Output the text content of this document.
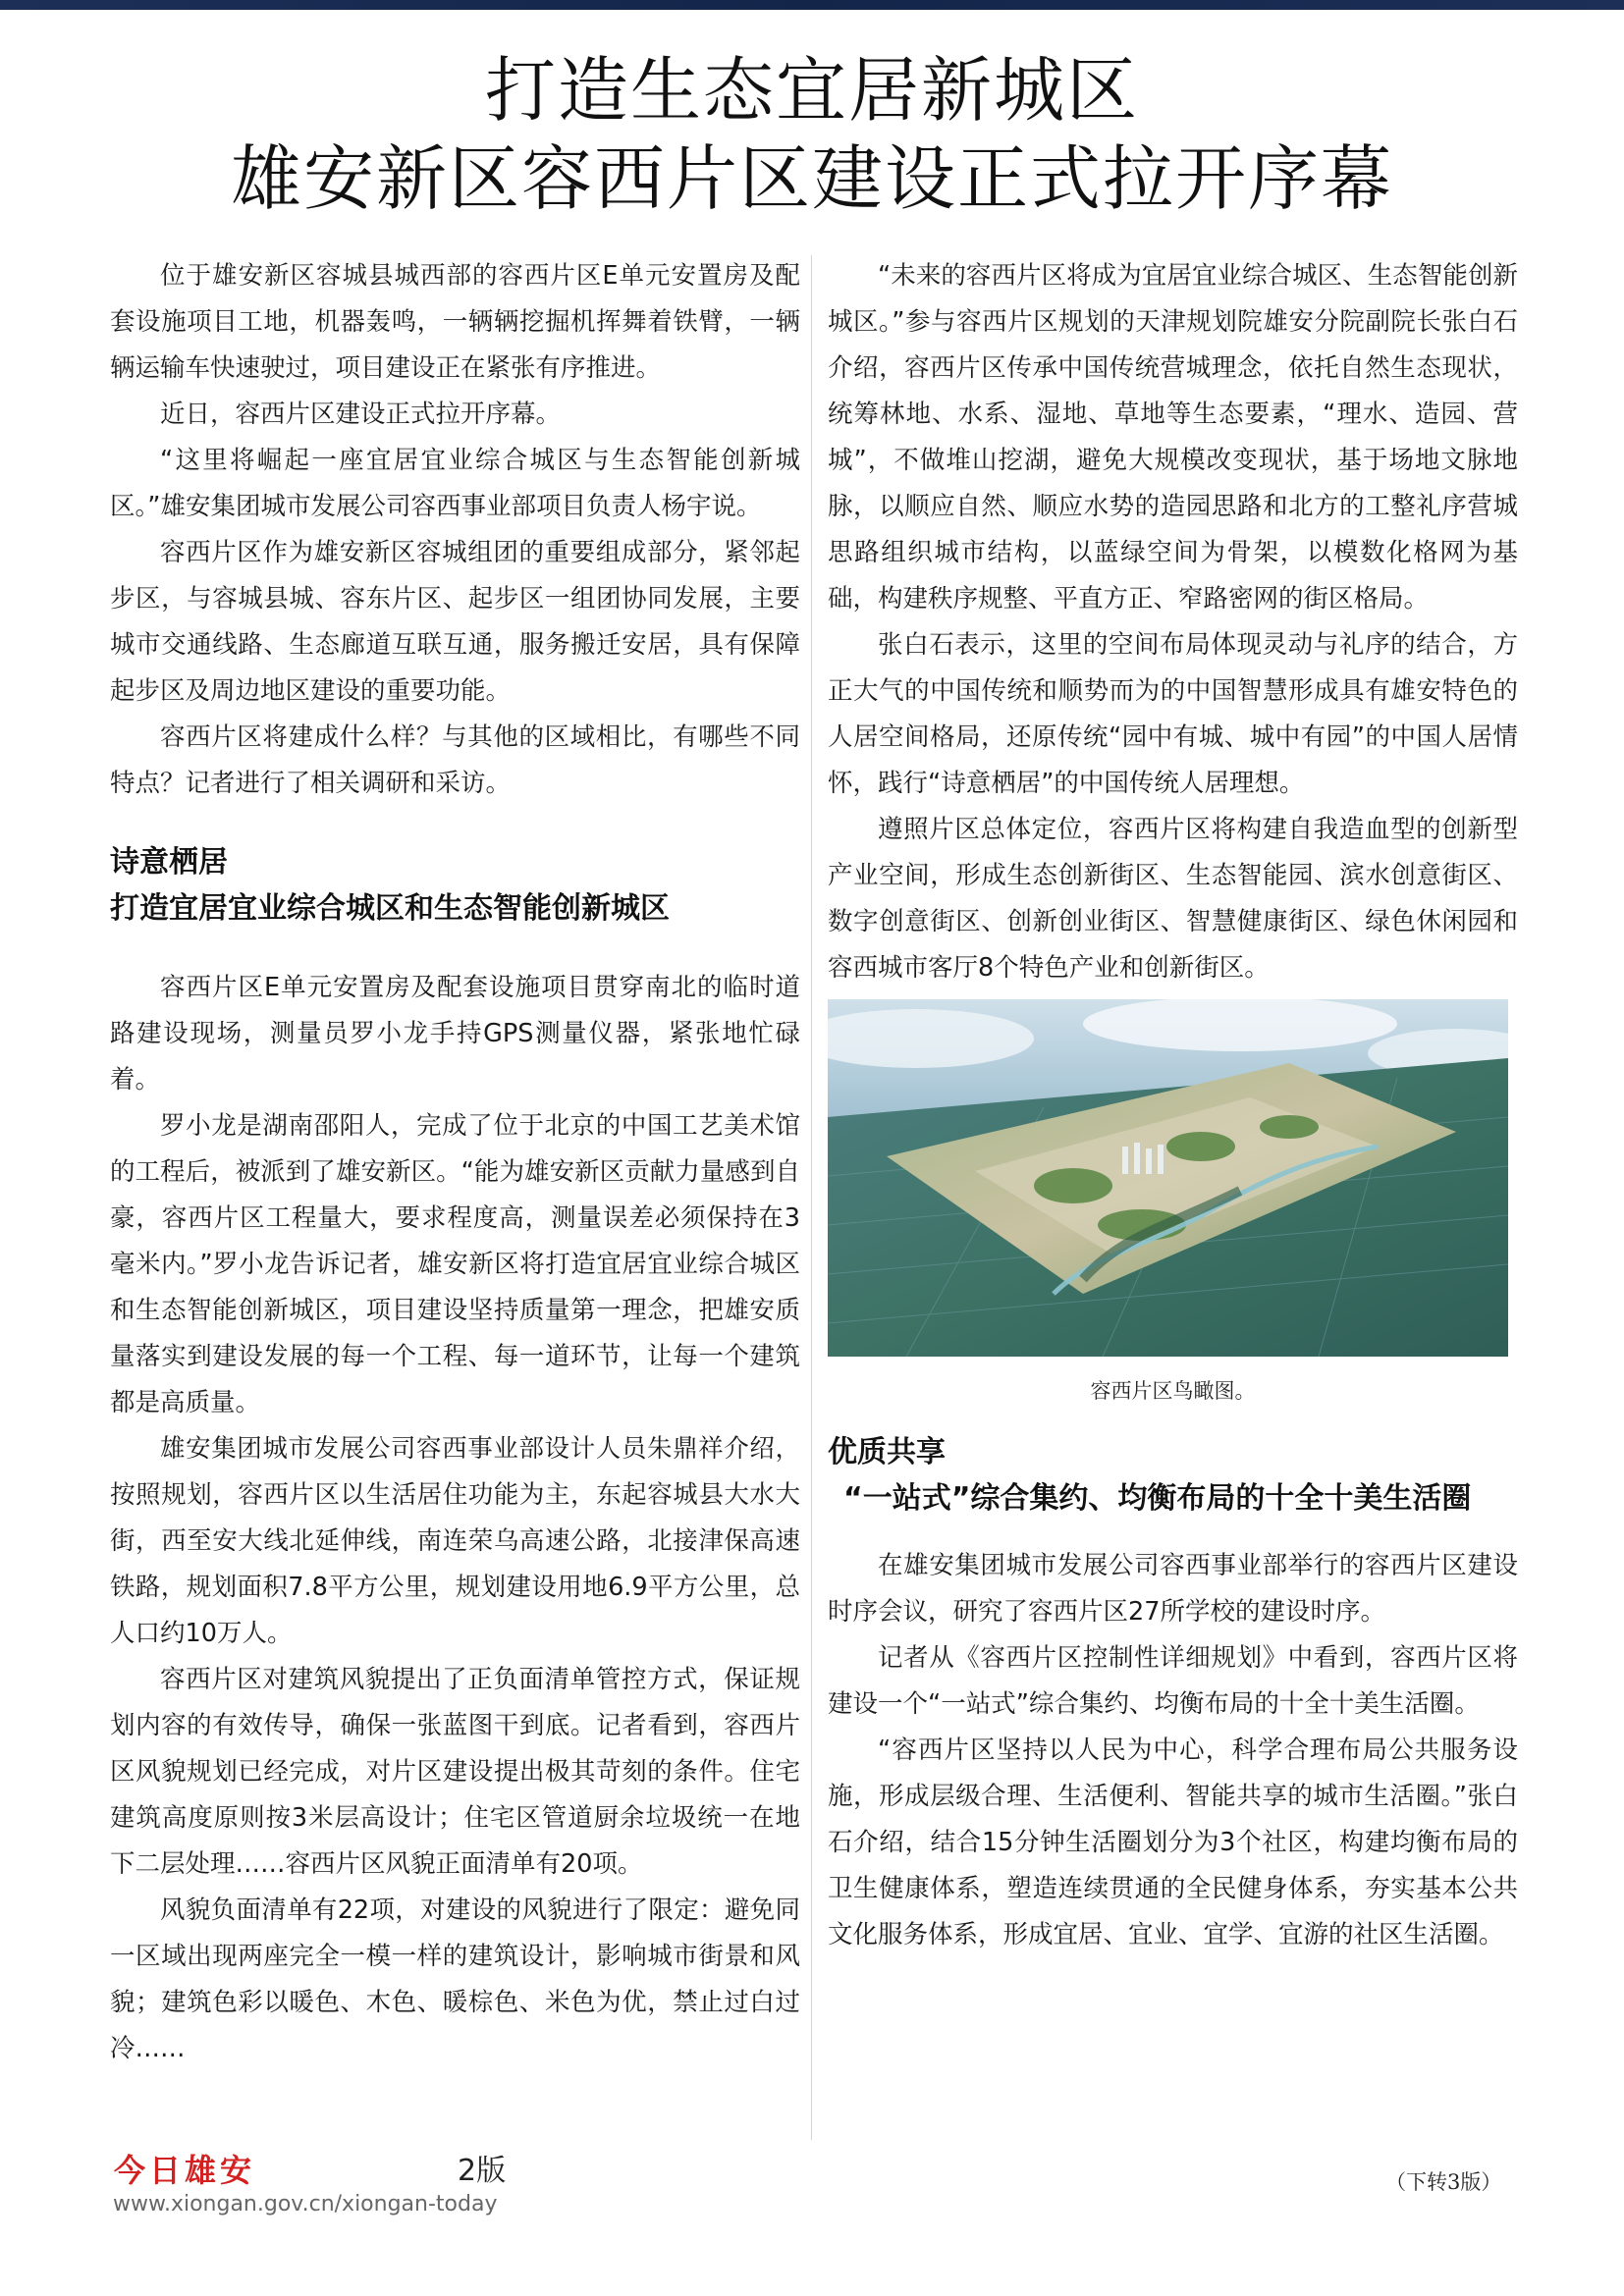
打造生态宜居新城区
雄安新区容西片区建设正式拉开序幕

位于雄安新区容城县城西部的容西片区E单元安置房及配套设施项目工地，机器轰鸣，一辆辆挖掘机挥舞着铁臂，一辆辆运输车快速驶过，项目建设正在紧张有序推进。

近日，容西片区建设正式拉开序幕。

“这里将崛起一座宜居宜业综合城区与生态智能创新城区。”雄安集团城市发展公司容西事业部项目负责人杨宇说。

容西片区作为雄安新区容城组团的重要组成部分，紧邻起步区，与容城县城、容东片区、起步区一组团协同发展，主要城市交通线路、生态廊道互联互通，服务搬迁安居，具有保障起步区及周边地区建设的重要功能。

容西片区将建成什么样？与其他的区域相比，有哪些不同特点？记者进行了相关调研和采访。

诗意栖居
打造宜居宜业综合城区和生态智能创新城区

容西片区E单元安置房及配套设施项目贯穿南北的临时道路建设现场，测量员罗小龙手持GPS测量仪器，紧张地忙碌着。

罗小龙是湖南邵阳人，完成了位于北京的中国工艺美术馆的工程后，被派到了雄安新区。“能为雄安新区贡献力量感到自豪，容西片区工程量大，要求程度高，测量误差必须保持在3毫米内。”罗小龙告诉记者，雄安新区将打造宜居宜业综合城区和生态智能创新城区，项目建设坚持质量第一理念，把雄安质量落实到建设发展的每一个工程、每一道环节，让每一个建筑都是高质量。

雄安集团城市发展公司容西事业部设计人员朱鼎祥介绍，按照规划，容西片区以生活居住功能为主，东起容城县大水大街，西至安大线北延伸线，南连荣乌高速公路，北接津保高速铁路，规划面积7.8平方公里，规划建设用地6.9平方公里，总人口约10万人。

容西片区对建筑风貌提出了正负面清单管控方式，保证规划内容的有效传导，确保一张蓝图干到底。记者看到，容西片区风貌规划已经完成，对片区建设提出极其苛刻的条件。住宅建筑高度原则按3米层高设计；住宅区管道厨余垃圾统一在地下二层处理……容西片区风貌正面清单有20项。

风貌负面清单有22项，对建设的风貌进行了限定：避免同一区域出现两座完全一模一样的建筑设计，影响城市街景和风貌；建筑色彩以暖色、木色、暖棕色、米色为优，禁止过白过冷……

“未来的容西片区将成为宜居宜业综合城区、生态智能创新城区。”参与容西片区规划的天津规划院雄安分院副院长张白石介绍，容西片区传承中国传统营城理念，依托自然生态现状，统筹林地、水系、湿地、草地等生态要素，“理水、造园、营城”，不做堆山挖湖，避免大规模改变现状，基于场地文脉地脉，以顺应自然、顺应水势的造园思路和北方的工整礼序营城思路组织城市结构，以蓝绿空间为骨架，以模数化格网为基础，构建秩序规整、平直方正、窄路密网的街区格局。

张白石表示，这里的空间布局体现灵动与礼序的结合，方正大气的中国传统和顺势而为的中国智慧形成具有雄安特色的人居空间格局，还原传统“园中有城、城中有园”的中国人居情怀，践行“诗意栖居”的中国传统人居理想。

遵照片区总体定位，容西片区将构建自我造血型的创新型产业空间，形成生态创新街区、生态智能园、滨水创意街区、数字创意街区、创新创业街区、智慧健康街区、绿色休闲园和容西城市客厅8个特色产业和创新街区。

容西片区鸟瞰图。
优质共享
“一站式”综合集约、均衡布局的十全十美生活圈

在雄安集团城市发展公司容西事业部举行的容西片区建设时序会议，研究了容西片区27所学校的建设时序。

记者从《容西片区控制性详细规划》中看到，容西片区将建设一个“一站式”综合集约、均衡布局的十全十美生活圈。

“容西片区坚持以人民为中心，科学合理布局公共服务设施，形成层级合理、生活便利、智能共享的城市生活圈。”张白石介绍，结合15分钟生活圈划分为3个社区，构建均衡布局的卫生健康体系，塑造连续贯通的全民健身体系，夯实基本公共文化服务体系，形成宜居、宜业、宜学、宜游的社区生活圈。

今日雄安	2版

www.xiongan.gov.cn/xiongan-today

（下转3版）
